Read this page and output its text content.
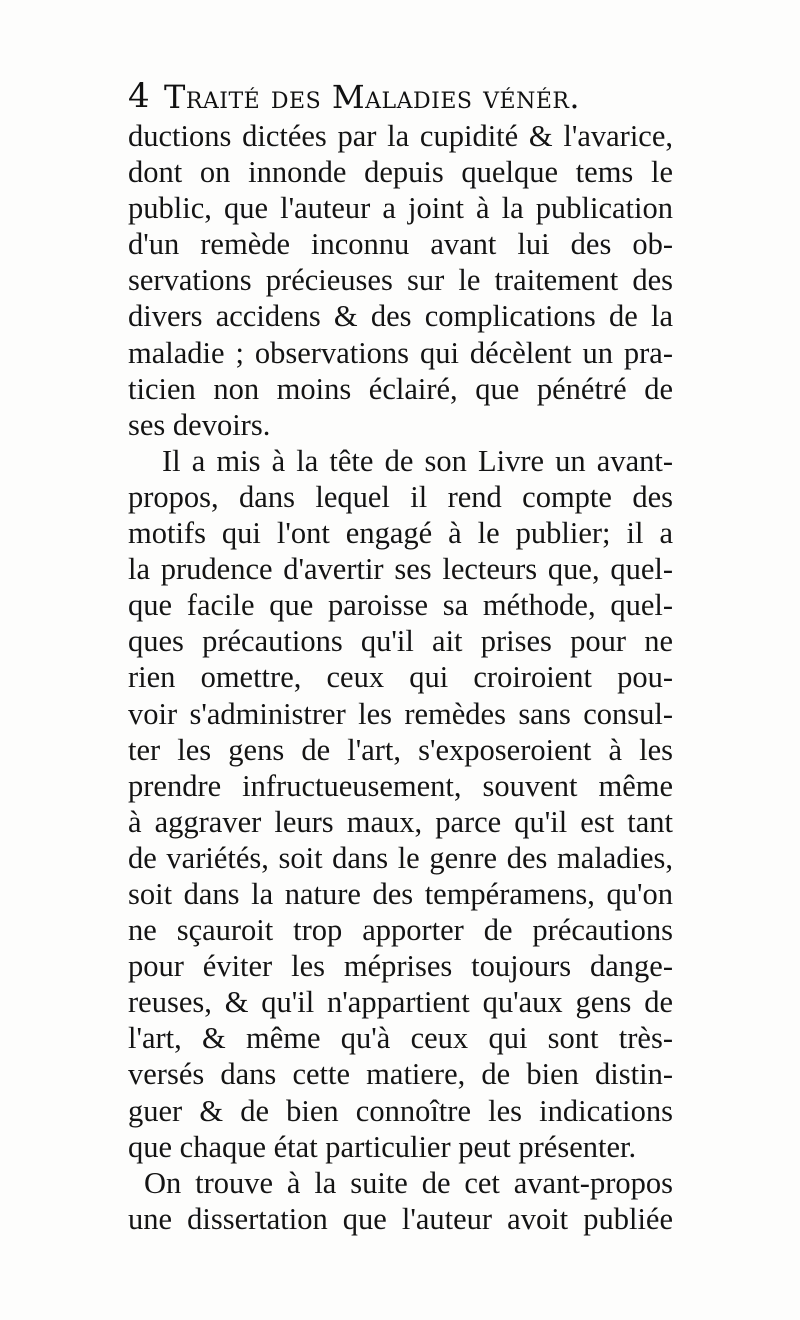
4 Traité des Maladies vénér.
ductions dictées par la cupidité & l'avarice,
dont on innonde depuis quelque tems le
public, que l'auteur a joint à la publication
d'un remède inconnu avant lui des ob-
servations précieuses sur le traitement des
divers accidens & des complications de la
maladie ; observations qui décèlent un pra-
ticien non moins éclairé, que pénétré de
ses devoirs.
Il a mis à la tête de son Livre un avant-
propos, dans lequel il rend compte des
motifs qui l'ont engagé à le publier; il a
la prudence d'avertir ses lecteurs que, quel-
que facile que paroisse sa méthode, quel-
ques précautions qu'il ait prises pour ne
rien omettre, ceux qui croiroient pou-
voir s'administrer les remèdes sans consul-
ter les gens de l'art, s'exposeroient à les
prendre infructueusement, souvent même
à aggraver leurs maux, parce qu'il est tant
de variétés, soit dans le genre des maladies,
soit dans la nature des tempéramens, qu'on
ne sçauroit trop apporter de précautions
pour éviter les méprises toujours dange-
reuses, & qu'il n'appartient qu'aux gens de
l'art, & même qu'à ceux qui sont très-
versés dans cette matiere, de bien distin-
guer & de bien connoître les indications
que chaque état particulier peut présenter.
On trouve à la suite de cet avant-propos
une dissertation que l'auteur avoit publiée
